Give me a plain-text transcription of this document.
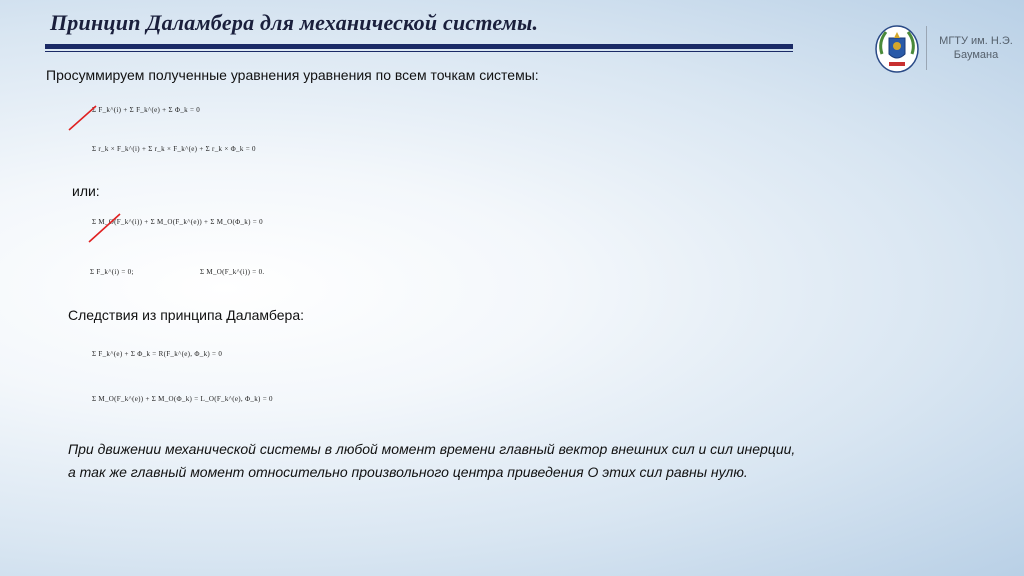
Принцип Даламбера для механической системы.
МГТУ им. Н.Э.
Баумана
Просуммируем полученные уравнения уравнения по всем точкам системы:
Σ F_k^(i) + Σ F_k^(e) + Σ Φ_k = 0
Σ r_k × F_k^(i) + Σ r_k × F_k^(e) + Σ r_k × Φ_k = 0
или:
Σ M_O(F_k^(i)) + Σ M_O(F_k^(e)) + Σ M_O(Φ_k) = 0
Σ F_k^(i) = 0;	Σ M_O(F_k^(i)) = 0.
Следствия из принципа Даламбера:
Σ F_k^(e) + Σ Φ_k = R(F_k^(e), Φ_k) = 0
Σ M_O(F_k^(e)) + Σ M_O(Φ_k) = L_O(F_k^(e), Φ_k) = 0
При движении механической системы в любой момент времени главный вектор внешних сил и сил инерции,
а так же главный момент относительно произвольного центра приведения О этих сил равны нулю.
